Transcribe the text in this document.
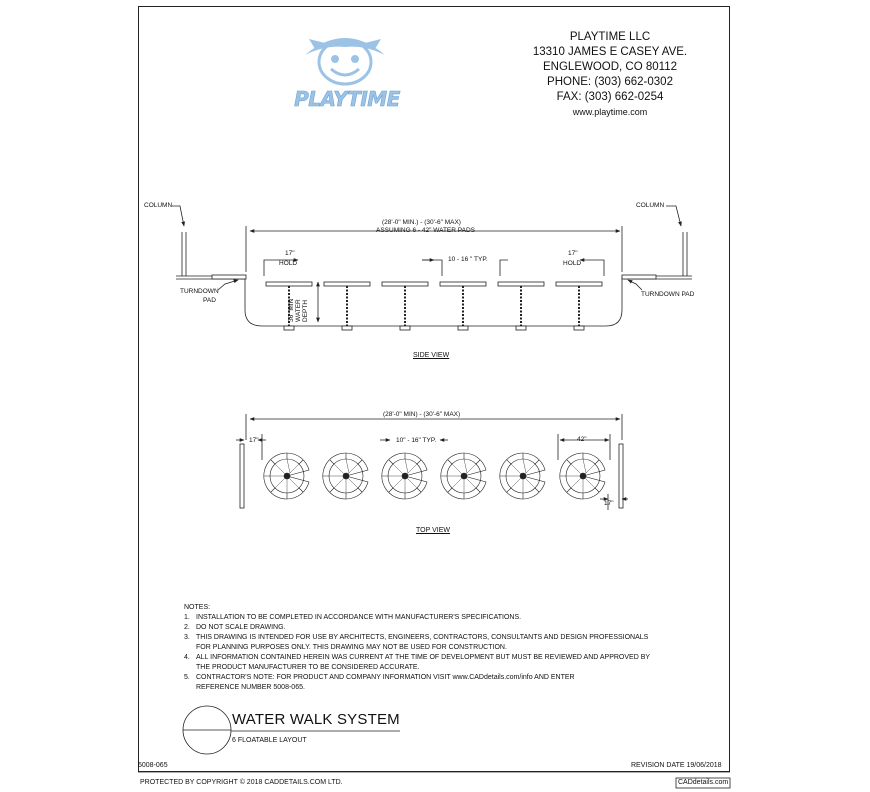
PLAYTIME
PLAYTIME LLC
13310 JAMES E CASEY AVE.
ENGLEWOOD, CO 80112
PHONE: (303) 662-0302
FAX: (303) 662-0254
www.playtime.com
COLUMN	COLUMN
(28'-0" MIN.) - (30'-6" MAX)
ASSUMING 6 - 42" WATER PADS
17"
HOLD
17"
HOLD
10 - 16 " TYP.
TURNDOWN
PAD
TURNDOWN PAD
36" MIN WATER DEPTH
SIDE VIEW
(28'-0" MIN) - (30'-6" MAX)
17"	10" - 16" TYP.	42"
17"
TOP VIEW
NOTES:
1. INSTALLATION TO BE COMPLETED IN ACCORDANCE WITH MANUFACTURER'S SPECIFICATIONS.
2. DO NOT SCALE DRAWING.
3. THIS DRAWING IS INTENDED FOR USE BY ARCHITECTS, ENGINEERS, CONTRACTORS, CONSULTANTS AND DESIGN PROFESSIONALS
FOR PLANNING PURPOSES ONLY. THIS DRAWING MAY NOT BE USED FOR CONSTRUCTION.
4. ALL INFORMATION CONTAINED HEREIN WAS CURRENT AT THE TIME OF DEVELOPMENT BUT MUST BE REVIEWED AND APPROVED BY
THE PRODUCT MANUFACTURER TO BE CONSIDERED ACCURATE.
5. CONTRACTOR'S NOTE: FOR PRODUCT AND COMPANY INFORMATION VISIT www.CADdetails.com/info AND ENTER
REFERENCE NUMBER 5008-065.
WATER WALK SYSTEM
6 FLOATABLE LAYOUT
5008-065	REVISION DATE 19/06/2018
PROTECTED BY COPYRIGHT © 2018 CADDETAILS.COM LTD.	CADdetails.com
